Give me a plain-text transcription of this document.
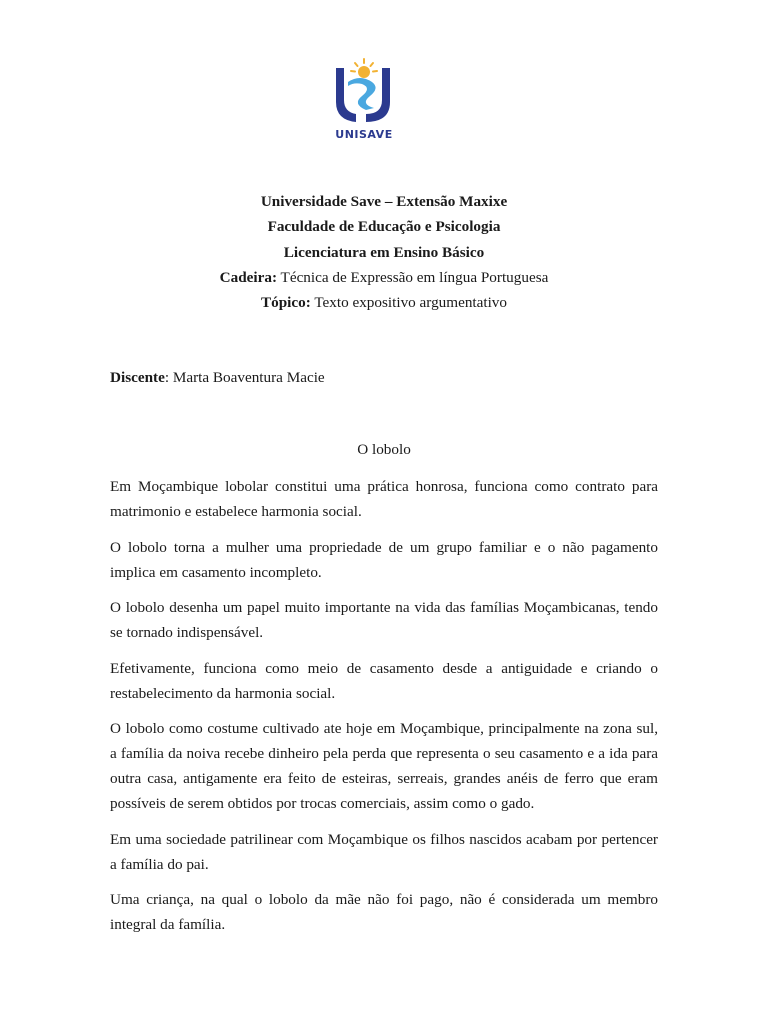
UNISAVE
Universidade Save – Extensão Maxixe
Faculdade de Educação e Psicologia
Licenciatura em Ensino Básico
Cadeira: Técnica de Expressão em língua Portuguesa
Tópico: Texto expositivo argumentativo
Discente: Marta Boaventura Macie
O lobolo

Em Moçambique lobolar constitui uma prática honrosa, funciona como contrato para matrimonio e estabelece harmonia social.

O lobolo torna a mulher uma propriedade de um grupo familiar e o não pagamento implica em casamento incompleto.

O lobolo desenha um papel muito importante na vida das famílias Moçambicanas, tendo se tornado indispensável.

Efetivamente, funciona como meio de casamento desde a antiguidade e criando o restabelecimento da harmonia social.

O lobolo como costume cultivado ate hoje em Moçambique, principalmente na zona sul, a família da noiva recebe dinheiro pela perda que representa o seu casamento e a ida para outra casa, antigamente era feito de esteiras, serreais, grandes anéis de ferro que eram possíveis de serem obtidos por trocas comerciais, assim como o gado.

Em uma sociedade patrilinear com Moçambique os filhos nascidos acabam por pertencer a família do pai.

Uma criança, na qual o lobolo da mãe não foi pago, não é considerada um membro integral da família.
